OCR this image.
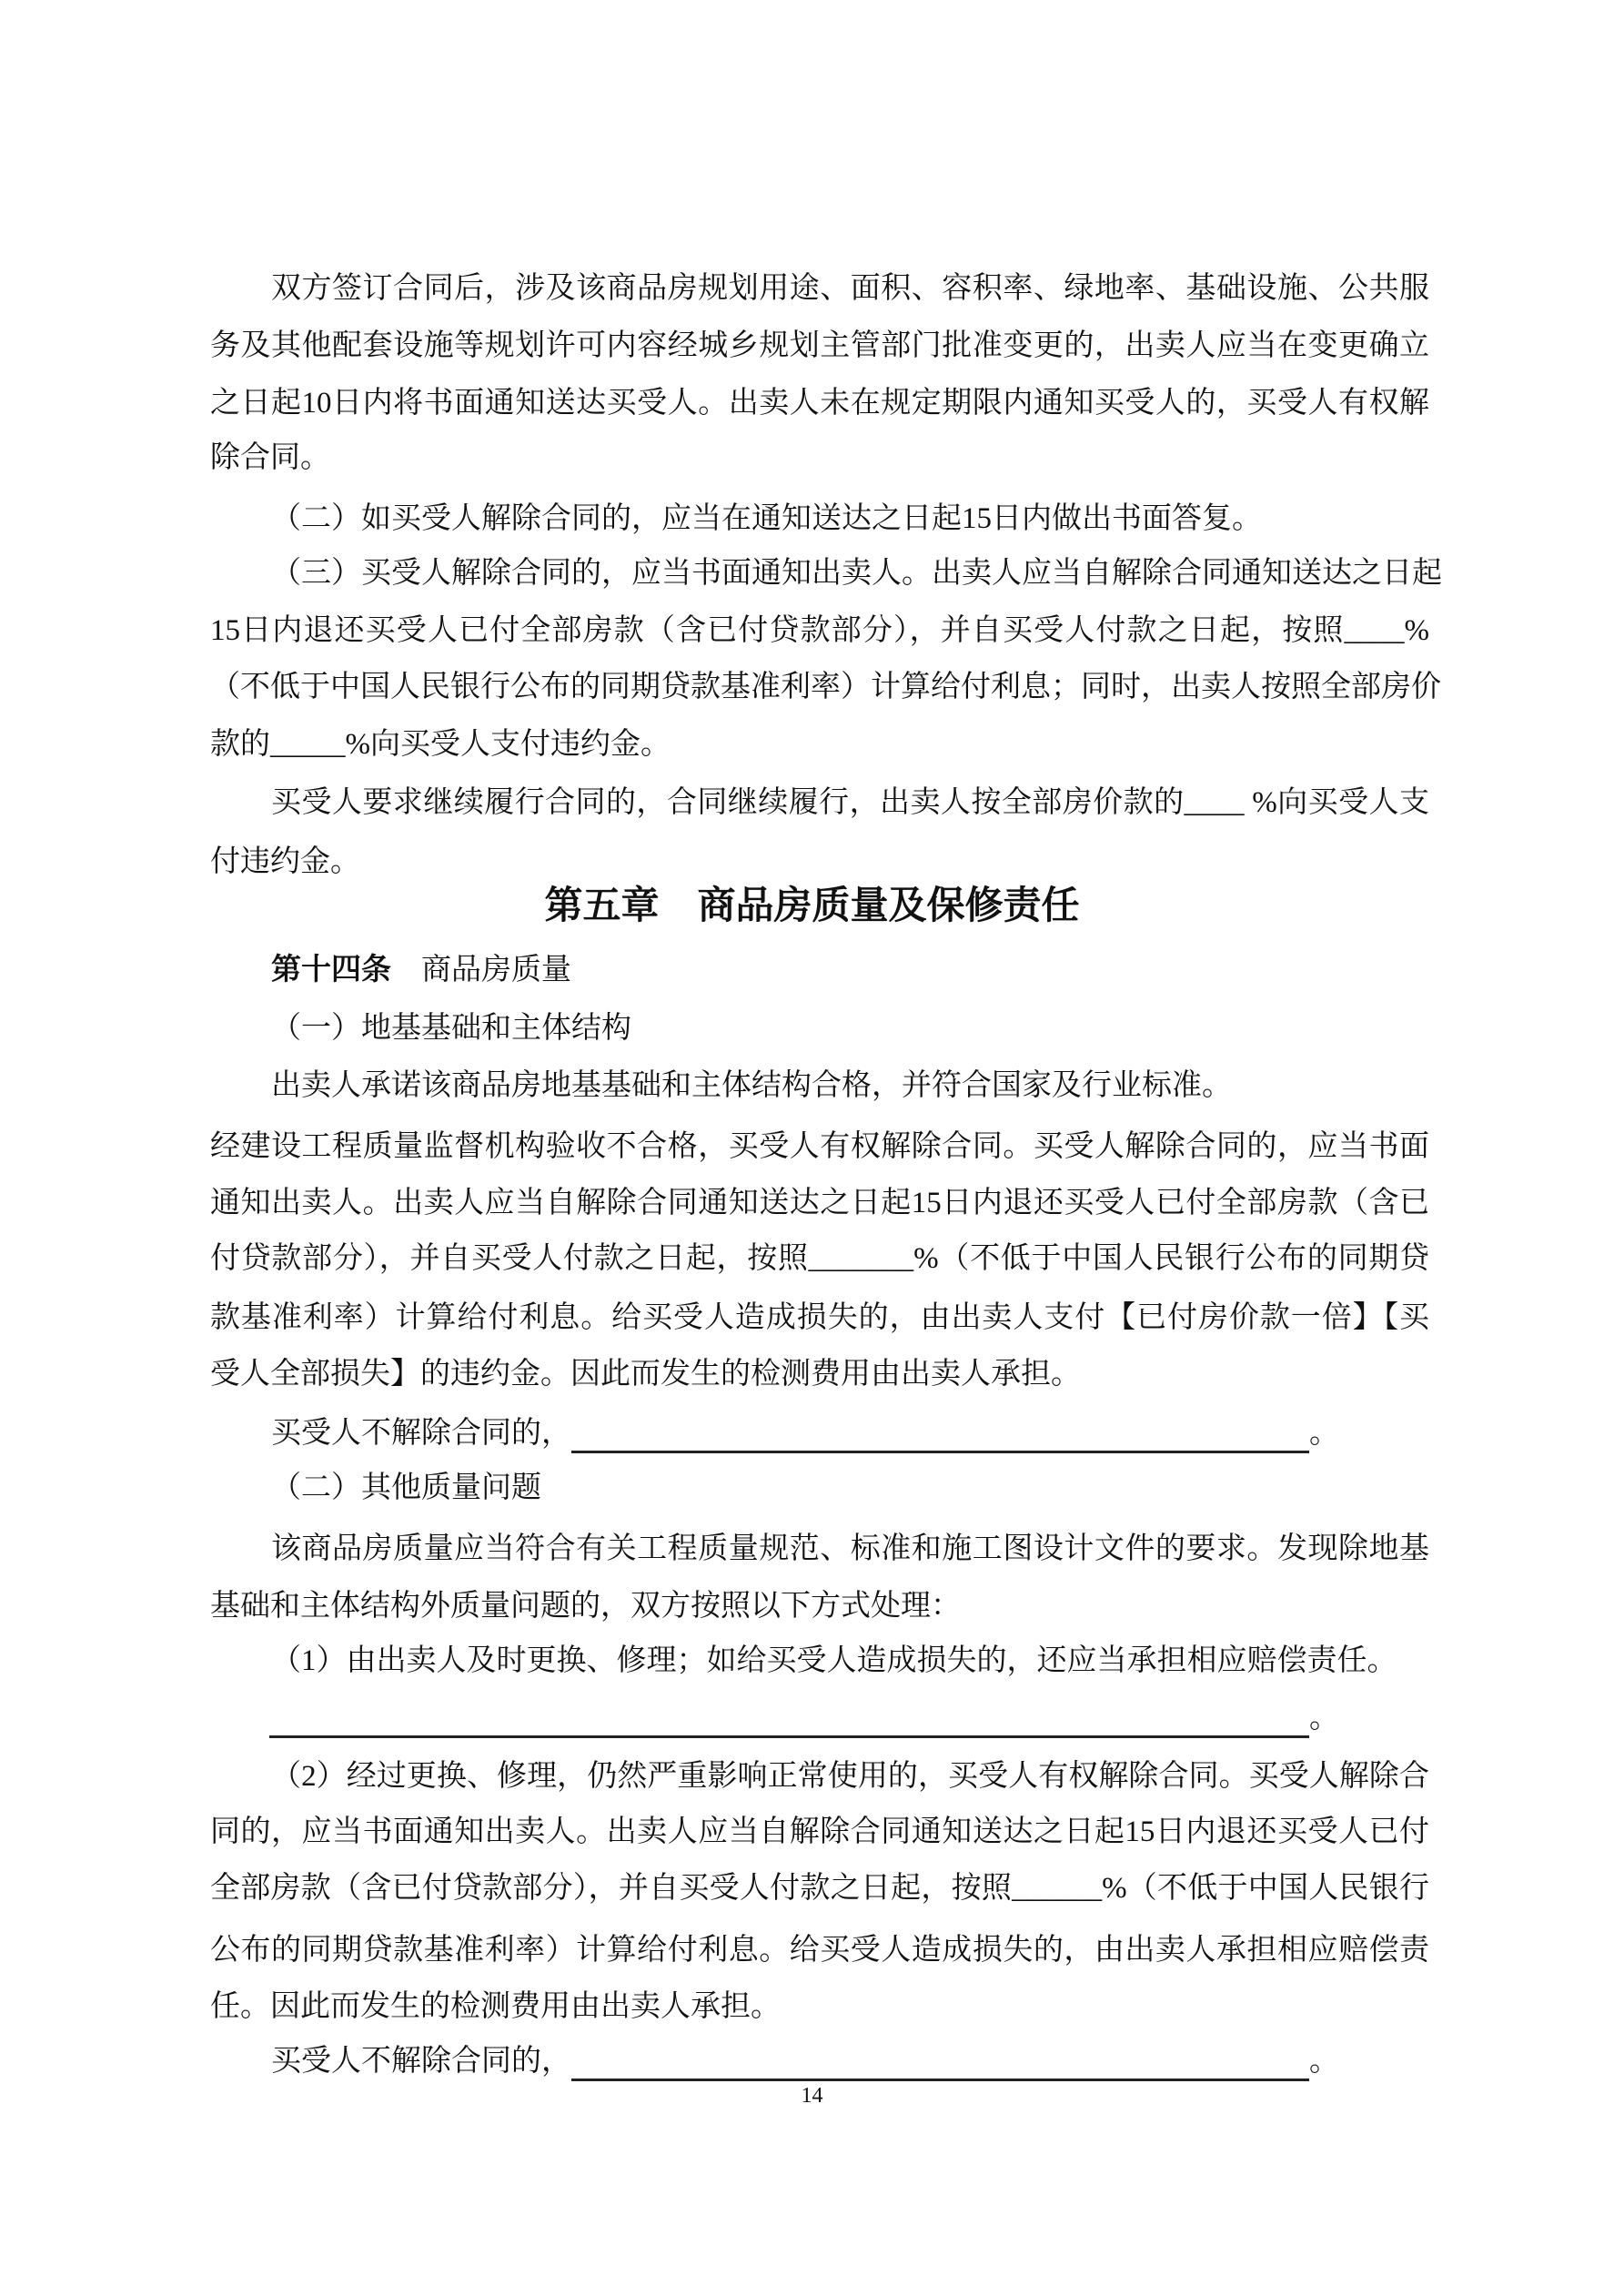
双方签订合同后，涉及该商品房规划用途、面积、容积率、绿地率、基础设施、公共服
务及其他配套设施等规划许可内容经城乡规划主管部门批准变更的，出卖人应当在变更确立
之日起10日内将书面通知送达买受人。出卖人未在规定期限内通知买受人的，买受人有权解
除合同。
（二）如买受人解除合同的，应当在通知送达之日起15日内做出书面答复。
（三）买受人解除合同的，应当书面通知出卖人。出卖人应当自解除合同通知送达之日起
15日内退还买受人已付全部房款（含已付贷款部分），并自买受人付款之日起，按照____%
（不低于中国人民银行公布的同期贷款基准利率）计算给付利息；同时，出卖人按照全部房价
款的_____%向买受人支付违约金。
买受人要求继续履行合同的，合同继续履行，出卖人按全部房价款的____ %向买受人支
付违约金。
第五章　商品房质量及保修责任
第十四条　商品房质量
（一）地基基础和主体结构
出卖人承诺该商品房地基基础和主体结构合格，并符合国家及行业标准。
经建设工程质量监督机构验收不合格，买受人有权解除合同。买受人解除合同的，应当书面
通知出卖人。出卖人应当自解除合同通知送达之日起15日内退还买受人已付全部房款（含已
付贷款部分），并自买受人付款之日起，按照_______%（不低于中国人民银行公布的同期贷
款基准利率）计算给付利息。给买受人造成损失的，由出卖人支付【已付房价款一倍】【买
受人全部损失】的违约金。因此而发生的检测费用由出卖人承担。
买受人不解除合同的，	。
（二）其他质量问题
该商品房质量应当符合有关工程质量规范、标准和施工图设计文件的要求。发现除地基
基础和主体结构外质量问题的，双方按照以下方式处理：
（1）由出卖人及时更换、修理；如给买受人造成损失的，还应当承担相应赔偿责任。
。
（2）经过更换、修理，仍然严重影响正常使用的，买受人有权解除合同。买受人解除合
同的，应当书面通知出卖人。出卖人应当自解除合同通知送达之日起15日内退还买受人已付
全部房款（含已付贷款部分），并自买受人付款之日起，按照______%（不低于中国人民银行
公布的同期贷款基准利率）计算给付利息。给买受人造成损失的，由出卖人承担相应赔偿责
任。因此而发生的检测费用由出卖人承担。
买受人不解除合同的，	。
14
